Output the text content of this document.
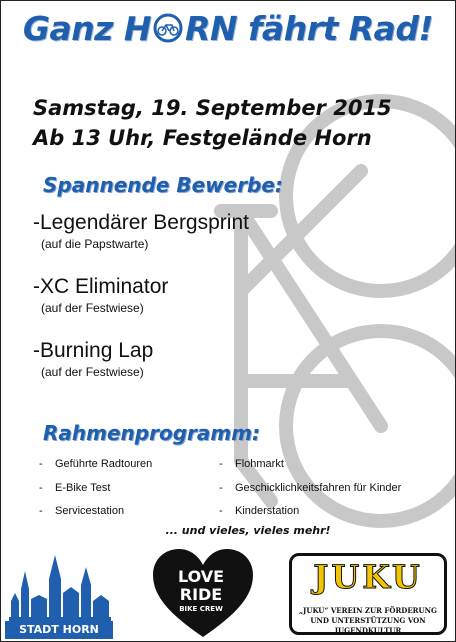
Ganz H RN fährt Rad!
Samstag, 19. September 2015
Ab 13 Uhr, Festgelände Horn
Spannende Bewerbe:
-Legendärer Bergsprint
(auf die Papstwarte)
-XC Eliminator
(auf der Festwiese)
-Burning Lap
(auf der Festwiese)
Rahmenprogramm:
- Geführte Radtouren
- E-Bike Test
- Servicestation
- Flohmarkt
- Geschicklichkeitsfahren für Kinder
- Kinderstation
... und vieles, vieles mehr!
STADT HORN
LOVE
RIDE
BIKE CREW
JUKU
„JUKU“ VEREIN ZUR FÖRDERUNG UND UNTERSTÜTZUNG VON JUGENDKULTUR
